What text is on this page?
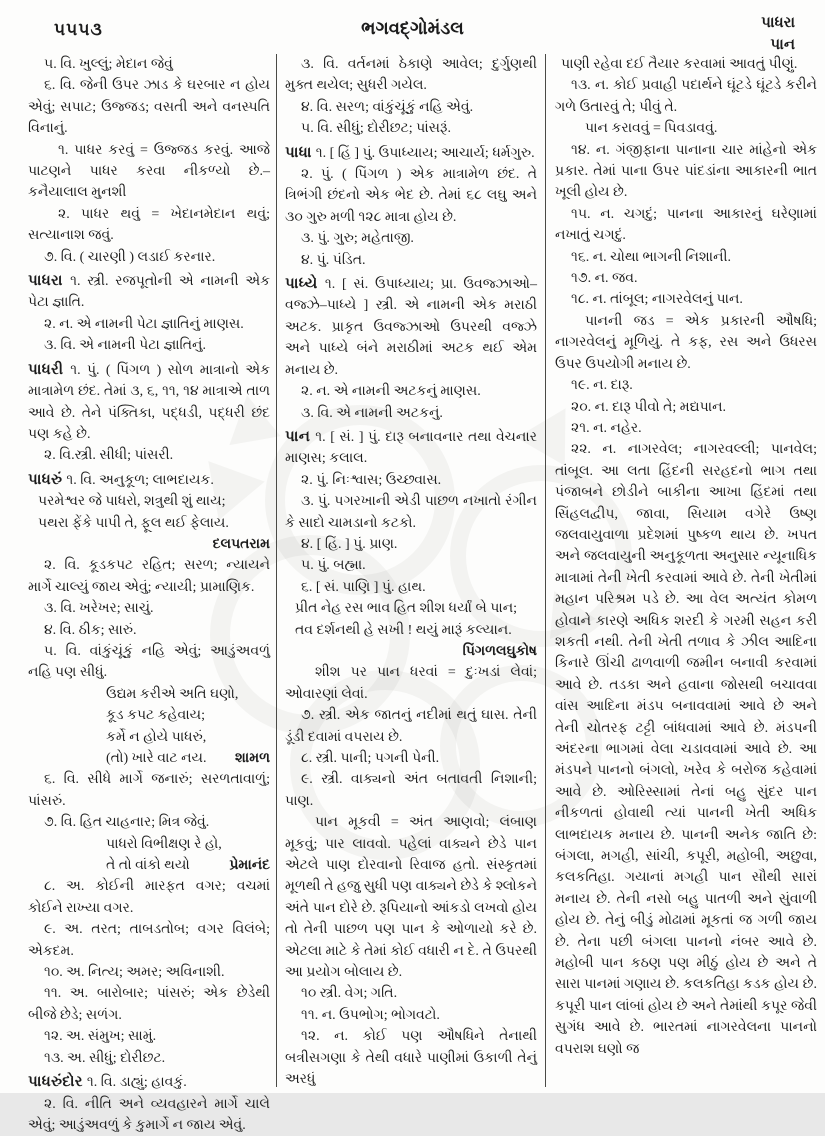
૫૫૫૩	ભગવદ્ગોમંડલ	પાધરા
પાન

૫. વિ. ખુલ્લું; મેદાન જેવું

૬. વિ. જેની ઉપર ઝાડ કે ઘરબાર ન હોય એવું; સપાટ; ઉજ્જડ; વસતી અને વનસ્પતિ વિનાનું.

૧. પાધર કરવું = ઉજ્જડ કરવું. આજે પાટણને પાધર કરવા નીકળ્યો છે.–કનૈયાલાલ મુનશી

૨. પાધર થવું = ખેદાનમેદાન થવું; સત્યાનાશ જવું.

૭. વિ. ( ચારણી ) લડાઈ કરનાર.

પાધરા ૧. સ્ત્રી. રજપૂતોની એ નામની એક પેટા જ્ઞાતિ.

૨. ન. એ નામની પેટા જ્ઞાતિનું માણસ.

૩. વિ. એ નામની પેટા જ્ઞાતિનું.

પાધરી ૧. પું. ( પિંગળ ) સોળ માત્રાનો એક માત્રામેળ છંદ. તેમાં ૩, ૬, ૧૧, ૧૪ માત્રાએ તાળ આવે છે. તેને પંક્તિકા, પદ્ધડી, પદ્ધરી છંદ પણ કહે છે.

૨. વિ.સ્ત્રી. સીધી; પાંસરી.

પાધરું ૧. વિ. અનુકૂળ; લાભદાયક.

પરમેશ્વર જે પાધરો, શત્રુથી શું થાય;

પથરા ફેંકે પાપી તે, ફૂલ થઈ ફેલાય.

દલપતરામ

૨. વિ. કૂડકપટ રહિત; સરળ; ન્યાયને માર્ગે ચાલ્યું જાય એવું; ન્યાયી; પ્રામાણિક.

૩. વિ. ખરેખર; સાચું.

૪. વિ. ઠીક; સારું.

૫. વિ. વાંકુંચૂંકું નહિ એવું; આડુંઅવળું નહિ પણ સીધું.

ઉદ્યમ કરીએ અતિ ઘણો,

કૂડ કપટ કહેવાય;

કર્મે ન હોયે પાધરું,

(તો) ખારે વાટ નય.	શામળ

૬. વિ. સીધે માર્ગે જનારું; સરળતાવાળું; પાંસરું.

૭. વિ. હિત ચાહનાર; મિત્ર જેવું.

પાધરો વિભીક્ષણ રે હો,

તે તો વાંકો થયો	પ્રેમાનંદ

૮. અ. કોઈની મારફત વગર; વચમાં કોઈને રાખ્યા વગર.

૯. અ. તરત; તાબડતોબ; વગર વિલંબે; એકદમ.

૧૦. અ. નિત્ય; અમર; અવિનાશી.

૧૧. અ. બારોબાર; પાંસરું; એક છેડેથી બીજે છેડે; સળંગ.

૧૨. અ. સંમુખ; સામું.

૧૩. અ. સીધું; દોરીછટ.

પાધરુંદોર ૧. વિ. ડાહ્યું; હાવકું.

૨. વિ. નીતિ અને વ્યવહારને માર્ગે ચાલે એવું; આડુંઅવળું કે કુમાર્ગે ન જાય એવું.

૩. વિ. વર્તનમાં ઠેકાણે આવેલ; દુર્ગુણથી મુક્ત થયેલ; સુધરી ગયેલ.

૪. વિ. સરળ; વાંકુંચૂંકું નહિ એવું.

૫. વિ. સીધું; દોરીછટ; પાંસરૂં.

પાધા ૧. [ હિં ] પું. ઉપાધ્યાય; આચાર્ય; ધર્મગુરુ.

૨. પું. ( પિંગળ ) એક માત્રામેળ છંદ. તે ત્રિભંગી છંદનો એક ભેદ છે. તેમાં ૬૮ લઘુ અને ૩૦ ગુરુ મળી ૧૨૮ માત્રા હોય છે.

૩. પું. ગુરુ; મહેતાજી.

૪. પું. પંડિત.

પાધ્યે ૧. [ સં. ઉપાધ્યાય; પ્રા. ઉવજ્ઝાઓ–વજ્ઝે–પાધ્યે ] સ્ત્રી. એ નામની એક મરાઠી અટક. પ્રાકૃત ઉવજ્ઝાઓ ઉપરથી વજ્ઝે અને પાધ્યે બંને મરાઠીમાં અટક થઈ એમ મનાય છે.

૨. ન. એ નામની અટકનું માણસ.

૩. વિ. એ નામની અટકનું.

પાન ૧. [ સં. ] પું. દારૂ બનાવનાર તથા વેચનાર માણસ; કલાલ.

૨. પું. નિઃશ્વાસ; ઉચ્છ્વાસ.

૩. પું. પગરખાની એડી પાછળ નખાતો રંગીન કે સાદો ચામડાનો કટકો.

૪. [ હિં. ] પું. પ્રાણ.

૫. પું. બહ્મા.

૬. [ સં. પાણિ ] પું. હાથ.

પ્રીત નેહ રસ ભાવ હિત શીશ ધર્યાં બે પાન;

તવ દર્શનથી હે સખી ! થયું મારૂં કલ્યાન.

પિંગળલઘુકોષ

શીશ પર પાન ધરવાં = દુઃખડાં લેવાં; ઓવારણાં લેવાં.

૭. સ્ત્રી. એક જાતનું નદીમાં થતું ઘાસ. તેની ડૂંડી દવામાં વપરાય છે.

૮. સ્ત્રી. પાની; પગની પેની.

૯. સ્ત્રી. વાક્યનો અંત બતાવતી નિશાની; પાણ.

પાન મૂકવી = અંત આણવો; લંબાણ મૂકવું; પાર લાવવો. પહેલાં વાક્યને છેડે પાન એટલે પાણ દોરવાનો રિવાજ હતો. સંસ્કૃતમાં મૂળથી તે હજુ સુધી પણ વાક્યને છેડે કે શ્લોકને અંતે પાન દોરે છે. રૂપિયાનો આંકડો લખવો હોય તો તેની પાછળ પણ પાન કે ઓળાયો કરે છે. એટલા માટે કે તેમાં કોઈ વધારી ન દે. તે ઉપરથી આ પ્રયોગ બોલાય છે.

૧૦ સ્ત્રી. વેગ; ગતિ.

૧૧. ન. ઉપભોગ; ભોગવટો.

૧૨. ન. કોઈ પણ ઔષધિને તેનાથી બત્રીસગણા કે તેથી વધારે પાણીમાં ઉકાળી તેનું અરધું

પાણી રહેવા દઈ તૈયાર કરવામાં આવતું પીણું.

૧૩. ન. કોઈ પ્રવાહી પદાર્થને ઘૂંટડે ઘૂંટડે કરીને ગળે ઉતારવું તે; પીવું તે.

પાન કરાવવું = પિવડાવવું.

૧૪. ન. ગંજીફાના પાનાના ચાર માંહેનો એક પ્રકાર. તેમાં પાના ઉપર પાંદડાંના આકારની ભાત ખૂલી હોય છે.

૧૫. ન. ચગદું; પાનના આકારનું ઘરેણામાં નખાતું ચગદું.

૧૬. ન. ચોથા ભાગની નિશાની.

૧૭. ન. જવ.

૧૮. ન. તાંબૂલ; નાગરવેલનું પાન.

પાનની જડ = એક પ્રકારની ઔષધિ; નાગરવેલનું મૂળિયું. તે કફ, રસ અને ઉધરસ ઉપર ઉપયોગી મનાય છે.

૧૯. ન. દારૂ.

૨૦. ન. દારૂ પીવો તે; મદ્યપાન.

૨૧. ન. નહેર.

૨૨. ન. નાગરવેલ; નાગરવલ્લી; પાનવેલ; તાંબૂલ. આ લતા હિંદની સરહદનો ભાગ તથા પંજાબને છોડીને બાકીના આખા હિંદમાં તથા સિંહલદ્વીપ, જાવા, સિયામ વગેરે ઉષ્ણ જલવાયુવાળા પ્રદેશમાં પુષ્કળ થાય છે. ખપત અને જલવાયુની અનુકૂળતા અનુસાર ન્યૂનાધિક માત્રામાં તેની ખેતી કરવામાં આવે છે. તેની ખેતીમાં મહાન પરિશ્રમ પડે છે. આ વેલ અત્યંત કોમળ હોવાને કારણે અધિક શરદી કે ગરમી સહન કરી શકતી નથી. તેની ખેતી તળાવ કે ઝીલ આદિના કિનારે ઊંચી ઢાળવાળી જમીન બનાવી કરવામાં આવે છે. તડકા અને હવાના જોસથી બચાવવા વાંસ આદિના મંડપ બનાવવામાં આવે છે અને તેની ચોતરફ ટટ્ટી બાંધવામાં આવે છે. મંડપની અંદરના ભાગમાં વેલા ચડાવવામાં આવે છે. આ મંડપને પાનનો બંગલો, ખરેવ કે બરોજ કહેવામાં આવે છે. ઓરિસ્સામાં તેનાં બહુ સુંદર પાન નીકળતાં હોવાથી ત્યાં પાનની ખેતી અધિક લાભદાયક મનાય છે. પાનની અનેક જાતિ છે: બંગલા, મગહી, સાંચી, કપૂરી, મહોબી, અછુવા, કલકતિહા. ગયાનાં મગહી પાન સૌથી સારાં મનાય છે. તેની નસો બહુ પાતળી અને સુંવાળી હોય છે. તેનું બીડું મોઢામાં મૂકતાં જ ગળી જાય છે. તેના પછી બંગલા પાનનો નંબર આવે છે. મહોબી પાન કઠણ પણ મીઠું હોય છે અને તે સારા પાનમાં ગણાય છે. કલકતિહા કડક હોય છે. કપૂરી પાન લાંબાં હોય છે અને તેમાંથી કપૂર જેવી સુગંધ આવે છે. ભારતમાં નાગરવેલના પાનનો વપરાશ ઘણો જ
